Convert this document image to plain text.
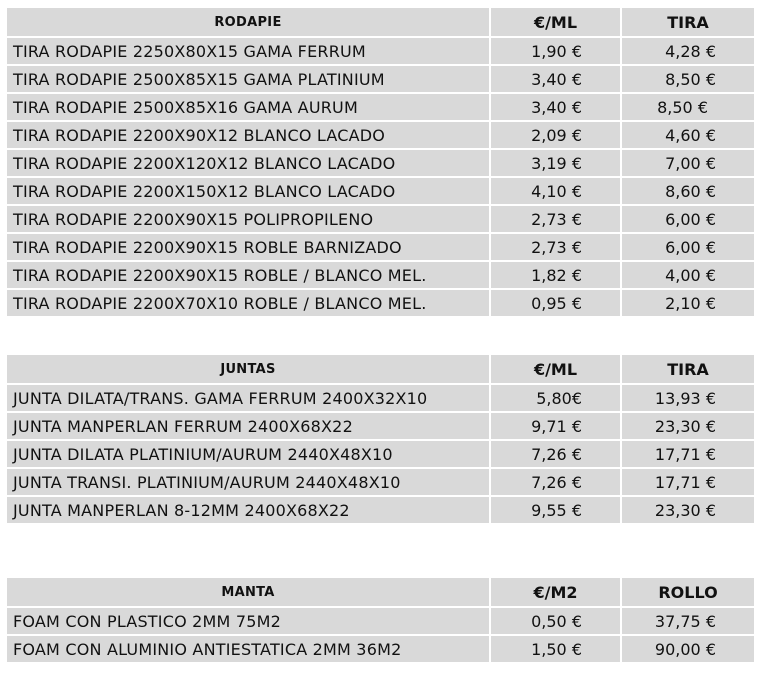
RODAPIE	€/ML	TIRA
TIRA RODAPIE 2250X80X15 GAMA FERRUM	1,90 €	4,28 €
TIRA RODAPIE 2500X85X15 GAMA PLATINIUM	3,40 €	8,50 €
TIRA RODAPIE 2500X85X16 GAMA AURUM	3,40 €	8,50 €
TIRA RODAPIE 2200X90X12 BLANCO LACADO	2,09 €	4,60 €
TIRA RODAPIE 2200X120X12 BLANCO LACADO	3,19 €	7,00 €
TIRA RODAPIE 2200X150X12 BLANCO LACADO	4,10 €	8,60 €
TIRA RODAPIE 2200X90X15 POLIPROPILENO	2,73 €	6,00 €
TIRA RODAPIE 2200X90X15 ROBLE BARNIZADO	2,73 €	6,00 €
TIRA RODAPIE 2200X90X15 ROBLE / BLANCO MEL.	1,82 €	4,00 €
TIRA RODAPIE 2200X70X10 ROBLE / BLANCO MEL.	0,95 €	2,10 €
JUNTAS	€/ML	TIRA
JUNTA DILATA/TRANS. GAMA FERRUM 2400X32X10	5,80€	13,93 €
JUNTA MANPERLAN FERRUM 2400X68X22	9,71 €	23,30 €
JUNTA DILATA PLATINIUM/AURUM 2440X48X10	7,26 €	17,71 €
JUNTA TRANSI. PLATINIUM/AURUM 2440X48X10	7,26 €	17,71 €
JUNTA MANPERLAN 8-12MM 2400X68X22	9,55 €	23,30 €
MANTA	€/M2	ROLLO
FOAM CON PLASTICO 2MM 75M2	0,50 €	37,75 €
FOAM CON ALUMINIO ANTIESTATICA 2MM 36M2	1,50 €	90,00 €
